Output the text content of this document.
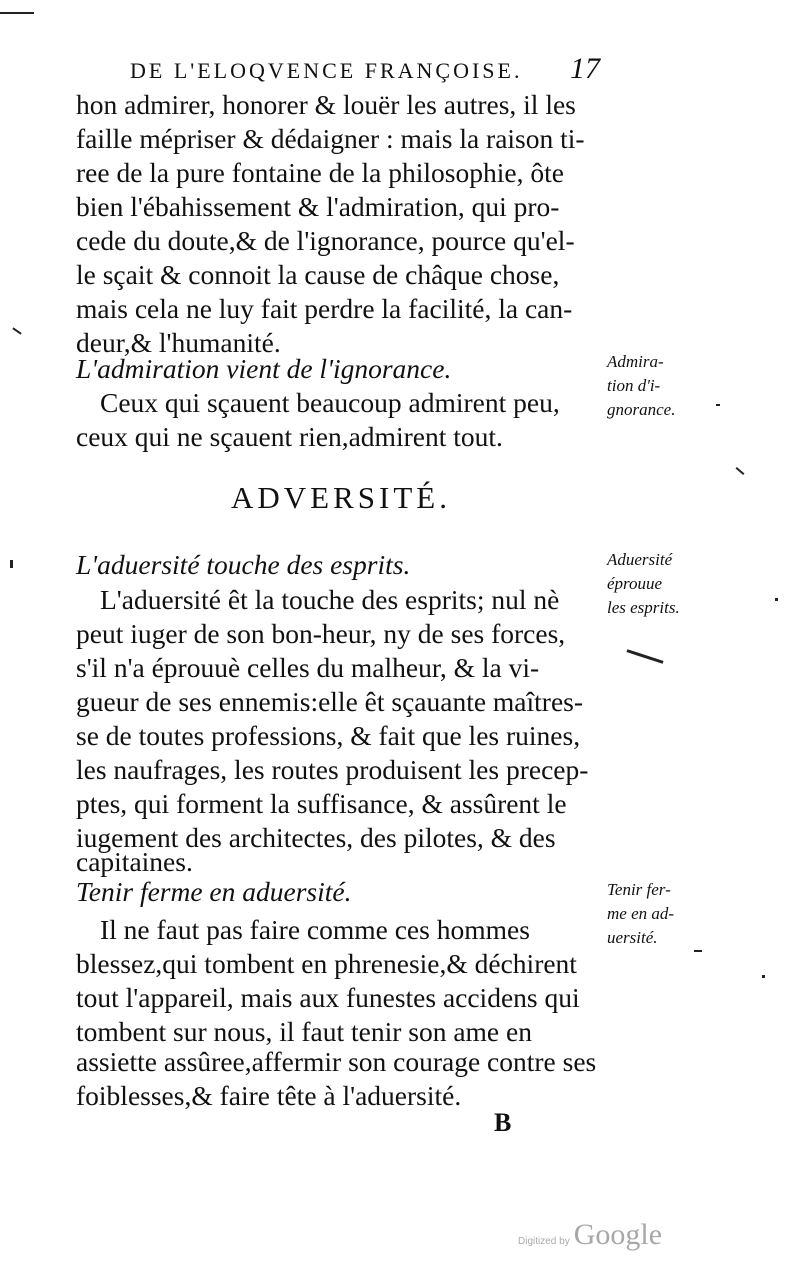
DE L'ELOQVENCE FRANÇOISE. 17
hon admirer, honorer & louër les autres, il les
faille mépriser & dédaigner : mais la raison ti-
ree de la pure fontaine de la philosophie, ôte
bien l'ébahissement & l'admiration, qui pro-
cede du doute,& de l'ignorance, pource qu'el-
le sçait & connoit la cause de châque chose,
mais cela ne luy fait perdre la facilité, la can-
deur,& l'humanité.
L'admiration vient de l'ignorance.
Ceux qui sçauent beaucoup admirent peu,
ceux qui ne sçauent rien,admirent tout.
ADVERSITÉ.
L'aduersité touche des esprits.
L'aduersité êt la touche des esprits; nul nè
peut iuger de son bon-heur, ny de ses forces,
s'il n'a éprouuè celles du malheur, & la vi-
gueur de ses ennemis:elle êt sçauante maîtres-
se de toutes professions, & fait que les ruines,
les naufrages, les routes produisent les precep-
ptes, qui forment la suffisance, & assûrent le
iugement des architectes, des pilotes, & des
capitaines.
Tenir ferme en aduersité.
Il ne faut pas faire comme ces hommes
blessez,qui tombent en phrenesie,& déchirent
tout l'appareil, mais aux funestes accidens qui
tombent sur nous, il faut tenir son ame en
assiette assûree,affermir son courage contre ses
foiblesses,& faire tête à l'aduersité.
Admira-
tion d'i-
gnorance.
Aduersité
éprouue
les esprits.
Tenir fer-
me en ad-
uersité.
B
Digitized by Google
